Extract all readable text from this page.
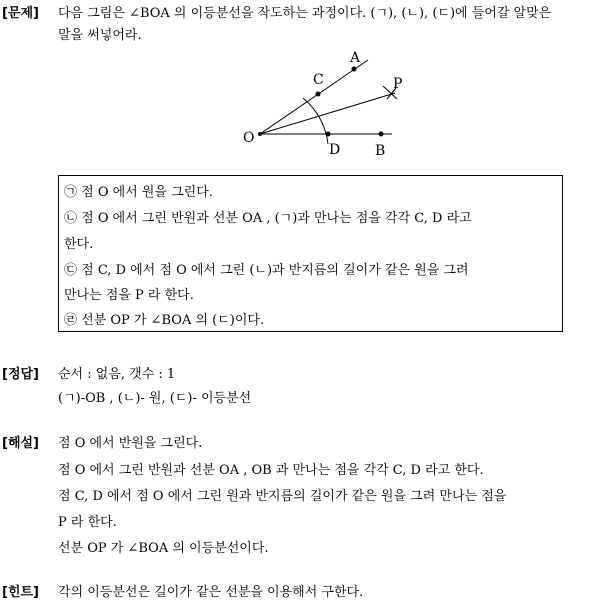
[문제] 다음 그림은 ∠BOA 의 이등분선을 작도하는 과정이다. (ㄱ), (ㄴ), (ㄷ)에 들어갈 알맞은
말을 써넣어라.
A
C	P
O
D B
㉠ 점 O 에서 원을 그린다.
㉡ 점 O 에서 그린 반원과 선분 OA , (ㄱ)과 만나는 점을 각각 C, D 라고
한다.
㉢ 점 C, D 에서 점 O 에서 그린 (ㄴ)과 반지름의 길이가 같은 원을 그려
만나는 점을 P 라 한다.
㉣ 선분 OP 가 ∠BOA 의 (ㄷ)이다.
[정답] 순서 : 없음, 갯수 : 1
(ㄱ)-OB , (ㄴ)- 원, (ㄷ)- 이등분선
[해설] 점 O 에서 반원을 그린다.
점 O 에서 그린 반원과 선분 OA , OB 과 만나는 점을 각각 C, D 라고 한다.
점 C, D 에서 점 O 에서 그린 원과 반지름의 길이가 같은 원을 그려 만나는 점을
P 라 한다.
선분 OP 가 ∠BOA 의 이등분선이다.
[힌트] 각의 이등분선은 길이가 같은 선분을 이용해서 구한다.
